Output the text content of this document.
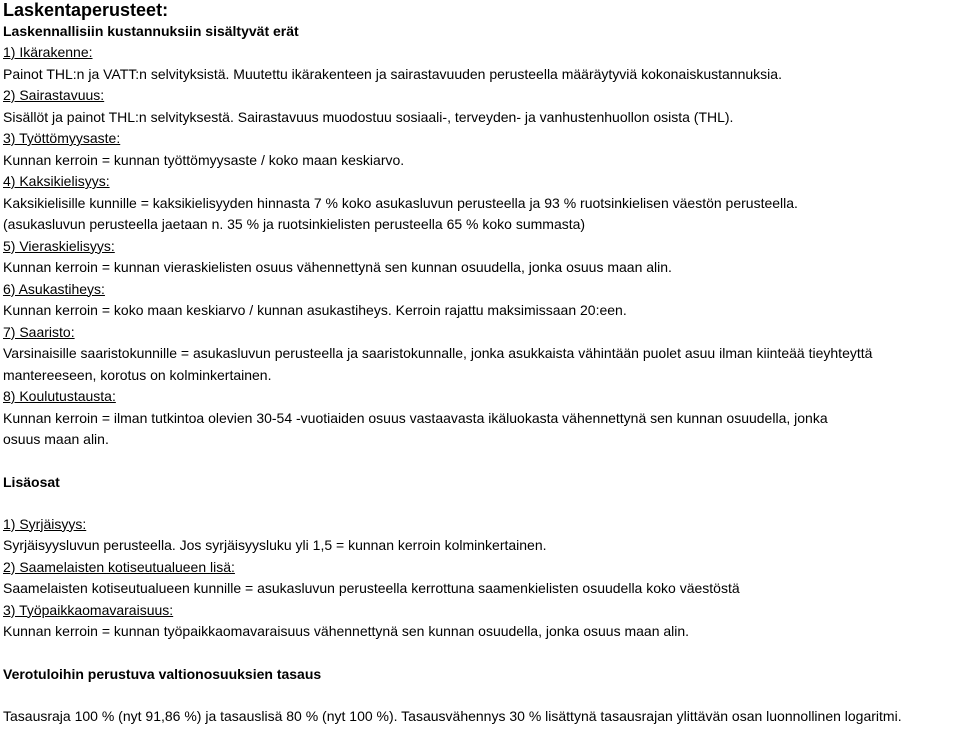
Laskentaperusteet:
Laskennallisiin kustannuksiin sisältyvät erät
1) Ikärakenne:
Painot THL:n ja VATT:n selvityksistä. Muutettu ikärakenteen ja sairastavuuden perusteella määräytyviä kokonaiskustannuksia.
2) Sairastavuus:
Sisällöt ja painot THL:n selvityksestä. Sairastavuus muodostuu sosiaali-, terveyden- ja vanhustenhuollon osista (THL).
3) Työttömyysaste:
Kunnan kerroin = kunnan työttömyysaste / koko maan keskiarvo.
4) Kaksikielisyys:
Kaksikielisille kunnille = kaksikielisyyden hinnasta 7 % koko asukasluvun perusteella ja 93 % ruotsinkielisen väestön perusteella.
(asukasluvun perusteella jaetaan n. 35 % ja ruotsinkielisten perusteella 65 % koko summasta)
5) Vieraskielisyys:
Kunnan kerroin = kunnan vieraskielisten osuus vähennettynä sen kunnan osuudella, jonka osuus maan alin.
6) Asukastiheys:
Kunnan kerroin = koko maan keskiarvo / kunnan asukastiheys. Kerroin rajattu maksimissaan 20:een.
7) Saaristo:
Varsinaisille saaristokunnille = asukasluvun perusteella ja saaristokunnalle, jonka asukkaista vähintään puolet asuu ilman kiinteää tieyhteyttä
mantereeseen, korotus on kolminkertainen.
8) Koulutustausta:
Kunnan kerroin = ilman tutkintoa olevien 30-54 -vuotiaiden osuus vastaavasta ikäluokasta vähennettynä sen kunnan osuudella, jonka
osuus maan alin.
Lisäosat
1) Syrjäisyys:
Syrjäisyysluvun perusteella. Jos syrjäisyysluku yli 1,5 = kunnan kerroin kolminkertainen.
2) Saamelaisten kotiseutualueen lisä:
Saamelaisten kotiseutualueen kunnille = asukasluvun perusteella kerrottuna saamenkielisten osuudella koko väestöstä
3) Työpaikkaomavaraisuus:
Kunnan kerroin = kunnan työpaikkaomavaraisuus vähennettynä sen kunnan osuudella, jonka osuus maan alin.
Verotuloihin perustuva valtionosuuksien tasaus
Tasausraja 100 % (nyt 91,86 %) ja tasauslisä 80 % (nyt 100 %). Tasausvähennys 30 % lisättynä tasausrajan ylittävän osan luonnollinen logaritmi.
